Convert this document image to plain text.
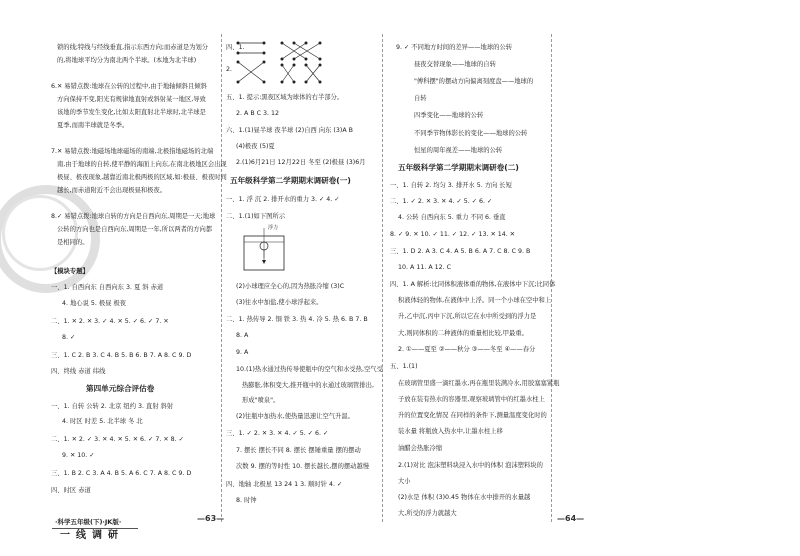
锁的线;特线与经线垂直,指示东西方向;而赤道是为划分
的,将地球平均分为南北两个半球。(本地为北半球)
6.✕ 易错点拨:地球在公转的过程中,由于地轴倾斜且倾斜
方向保持不变,阳光有规律地直射或斜射某一地区,导致
该地的季节发生变化,比如太阳直射北半球时,北半球是
夏季,而南半球就是冬季。
7.✕ 易错点拨:地磁场地球磁场的南端,北极指地磁场的北端
南,由于地球的自转,使平静的海面上向东,在南北极地区会出现
极昼、极夜现象,越靠近南北极两极的区域,如:极昼、极夜时间
越长,而赤道附近不会出现极昼和极夜。
8.✓ 易错点拨:地球自转的方向是自西向东,周期是一天;地球
公转的方向也是自西向东,周期是一年,所以两者的方向都
是相同的。
【模块专题】
一、1. 自西向东 自西向东 3. 夏 斜 赤道
4. 地心说 5. 极昼 极夜
二、1. ✕ 2. ✕ 3. ✓ 4. ✕ 5. ✓ 6. ✓ 7. ✕
8. ✓
三、1. C 2. B 3. C 4. B 5. B 6. B 7. A 8. C 9. D
四、终线 赤道 纬线
第四单元综合评估卷
一、1. 自转 公转 2. 北京 纽约 3. 直射 斜射
4. 时区 时差 5. 北半球 冬 北
二、1. ✕ 2. ✓ 3. ✕ 4. ✕ 5. ✕ 6. ✓ 7. ✕ 8. ✓
9. ✕ 10. ✓
三、1. B 2. C 3. A 4. B 5. A 6. C 7. A 8. C 9. D
四、时区 赤道
·科学五年级(下)·JK版·
一线调研
四、1.
2.
五、1. 提示:黑夜区域为球体的右半部分。
2. A B C 3. 12
六、1.(1)昼半球 夜半球 (2)自西 向东 (3)A B
(4)极夜 (5)夏
2.(1)6月21日 12月22日 冬至 (2)极昼 (3)6月
五年级科学第二学期期末调研卷(一)
一、1. 浮 沉 2. 排开水的重力 3. ✓ 4. ✓
二、1.(1)如下图所示
浮力
(2)小球理应全心的,因为热胀冷缩 (3)C
(3)往水中加盐,使小球浮起来。
二、1. 热传导 2. 铜 铁 3. 热 4. 冷 5. 热 6. B 7. B
8. A
9. A
10.(1)热水通过热传导使瓶中的空气和水受热,空气受
热膨胀,体积变大,推开瓶中的水通过玻璃管排出,
形成"喷泉"。
(2)往瓶中加热水,使热量迅速让空气升温。
三、1. ✓ 2. ✕ 3. ✕ 4. ✓ 5. ✓ 6. ✓
7. 摆长 摆长不同 8. 摆长 摆锤重量 摆的摆动
次数 9. 摆的等时性 10. 摆长越长,摆的摆动越慢
四、地轴 北极星 13 24 1 3. 顺时针 4. ✓
8. 时钟
—63—
9. ✓ 不同地方时间的差异——地球的公转
昼夜交替现象——地球的自转
"傅科摆"的摆动方向偏离刻度盘——地球的
自转
四季变化——地球的公转
不同季节物体影长的变化——地球的公转
恒星的周年视差——地球的公转
五年级科学第二学期期末调研卷(二)
一、1. 自转 2. 均匀 3. 排开水 5. 方向 长短
二、1. ✓ 2. ✕ 3. ✕ 4. ✓ 5. ✓ 6. ✓
4. 公转 自西向东 5. 重力 不同 6. 垂直
8. ✓ 9. ✕ 10. ✓ 11. ✓ 12. ✓ 13. ✕ 14. ✕
三、1. D 2. A 3. C 4. A 5. B 6. A 7. C 8. C 9. B
10. A 11. A 12. C
四、1. A 解析:比同体积液体重的物体,在液体中下沉;比同体
积液体轻的物体,在液体中上浮。同一个小球在空中和上
升,乙中沉,丙中下沉,所以它在水中所受到的浮力是
大,则同体积的二种液体的重量相比较,甲最重。
2. ①——夏至 ②——秋分 ③——冬至 ④——春分
五、1.(1)
在玻璃管里盛一滴红墨水,再在瓶里装满冷水,用胶塞塞紧瓶
子放在装有热水的容器里,观察玻璃管中的红墨水柱上
升的位置变化情况 在同样的条件下,测量温度变化时的
装水量 将瓶放入热水中,让墨水柱上移
油醋会热胀冷缩
2.(1)对比 泡沫塑料块浸入水中的体积 泡沫塑料块的
大小
(2)水是 体积 (3)0.45 物体在水中排开的水量越
大,所受的浮力就越大
—64—
